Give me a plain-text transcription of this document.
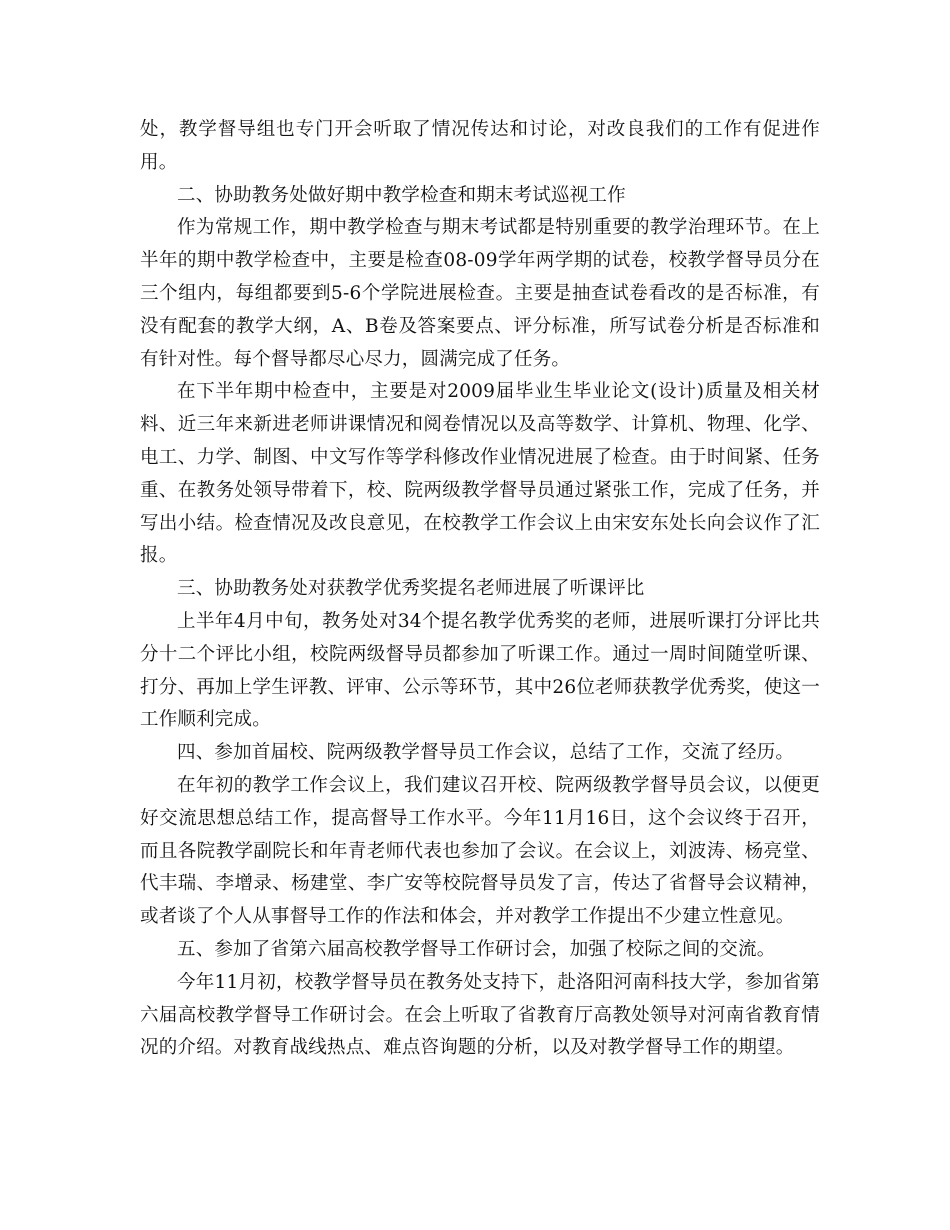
处，教学督导组也专门开会听取了情况传达和讨论，对改良我们的工作有促进作用。

二、协助教务处做好期中教学检查和期末考试巡视工作

作为常规工作，期中教学检查与期末考试都是特别重要的教学治理环节。在上半年的期中教学检查中，主要是检查08-09学年两学期的试卷，校教学督导员分在三个组内，每组都要到5-6个学院进展检查。主要是抽查试卷看改的是否标准，有没有配套的教学大纲，A、B卷及答案要点、评分标准，所写试卷分析是否标准和有针对性。每个督导都尽心尽力，圆满完成了任务。

在下半年期中检查中，主要是对2009届毕业生毕业论文(设计)质量及相关材料、近三年来新进老师讲课情况和阅卷情况以及高等数学、计算机、物理、化学、电工、力学、制图、中文写作等学科修改作业情况进展了检查。由于时间紧、任务重、在教务处领导带着下，校、院两级教学督导员通过紧张工作，完成了任务，并写出小结。检查情况及改良意见，在校教学工作会议上由宋安东处长向会议作了汇报。

三、协助教务处对获教学优秀奖提名老师进展了听课评比

上半年4月中旬，教务处对34个提名教学优秀奖的老师，进展听课打分评比共分十二个评比小组，校院两级督导员都参加了听课工作。通过一周时间随堂听课、打分、再加上学生评教、评审、公示等环节，其中26位老师获教学优秀奖，使这一工作顺利完成。

四、参加首届校、院两级教学督导员工作会议，总结了工作，交流了经历。

在年初的教学工作会议上，我们建议召开校、院两级教学督导员会议，以便更好交流思想总结工作，提高督导工作水平。今年11月16日，这个会议终于召开，而且各院教学副院长和年青老师代表也参加了会议。在会议上，刘波涛、杨亮堂、代丰瑞、李增录、杨建堂、李广安等校院督导员发了言，传达了省督导会议精神，或者谈了个人从事督导工作的作法和体会，并对教学工作提出不少建立性意见。

五、参加了省第六届高校教学督导工作研讨会，加强了校际之间的交流。

今年11月初，校教学督导员在教务处支持下，赴洛阳河南科技大学，参加省第六届高校教学督导工作研讨会。在会上听取了省教育厅高教处领导对河南省教育情况的介绍。对教育战线热点、难点咨询题的分析，以及对教学督导工作的期望。
